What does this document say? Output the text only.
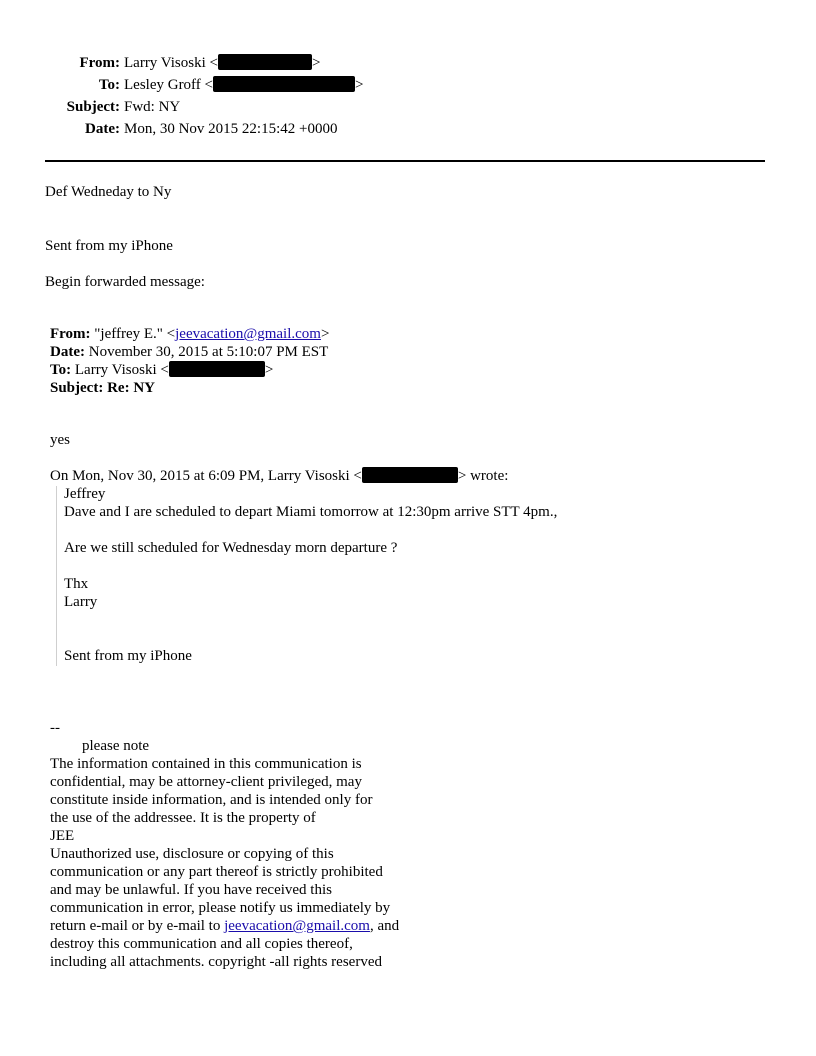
From: Larry Visoski <	>
To: Lesley Groff <	>
Subject: Fwd: NY
Date: Mon, 30 Nov 2015 22:15:42 +0000
Def Wedneday to Ny
Sent from my iPhone
Begin forwarded message:
From: "jeffrey E." <jeevacation@gmail.com>
Date: November 30, 2015 at 5:10:07 PM EST
To: Larry Visoski <	>
Subject: Re: NY
yes
On Mon, Nov 30, 2015 at 6:09 PM, Larry Visoski <	> wrote:
Jeffrey
Dave and I are scheduled to depart Miami tomorrow at 12:30pm arrive STT 4pm.,
Are we still scheduled for Wednesday morn departure ?
Thx
Larry
Sent from my iPhone
--
please note
The information contained in this communication is
confidential, may be attorney-client privileged, may
constitute inside information, and is intended only for
the use of the addressee. It is the property of
JEE
Unauthorized use, disclosure or copying of this
communication or any part thereof is strictly prohibited
and may be unlawful. If you have received this
communication in error, please notify us immediately by
return e-mail or by e-mail to jeevacation@gmail.com, and
destroy this communication and all copies thereof,
including all attachments. copyright -all rights reserved
